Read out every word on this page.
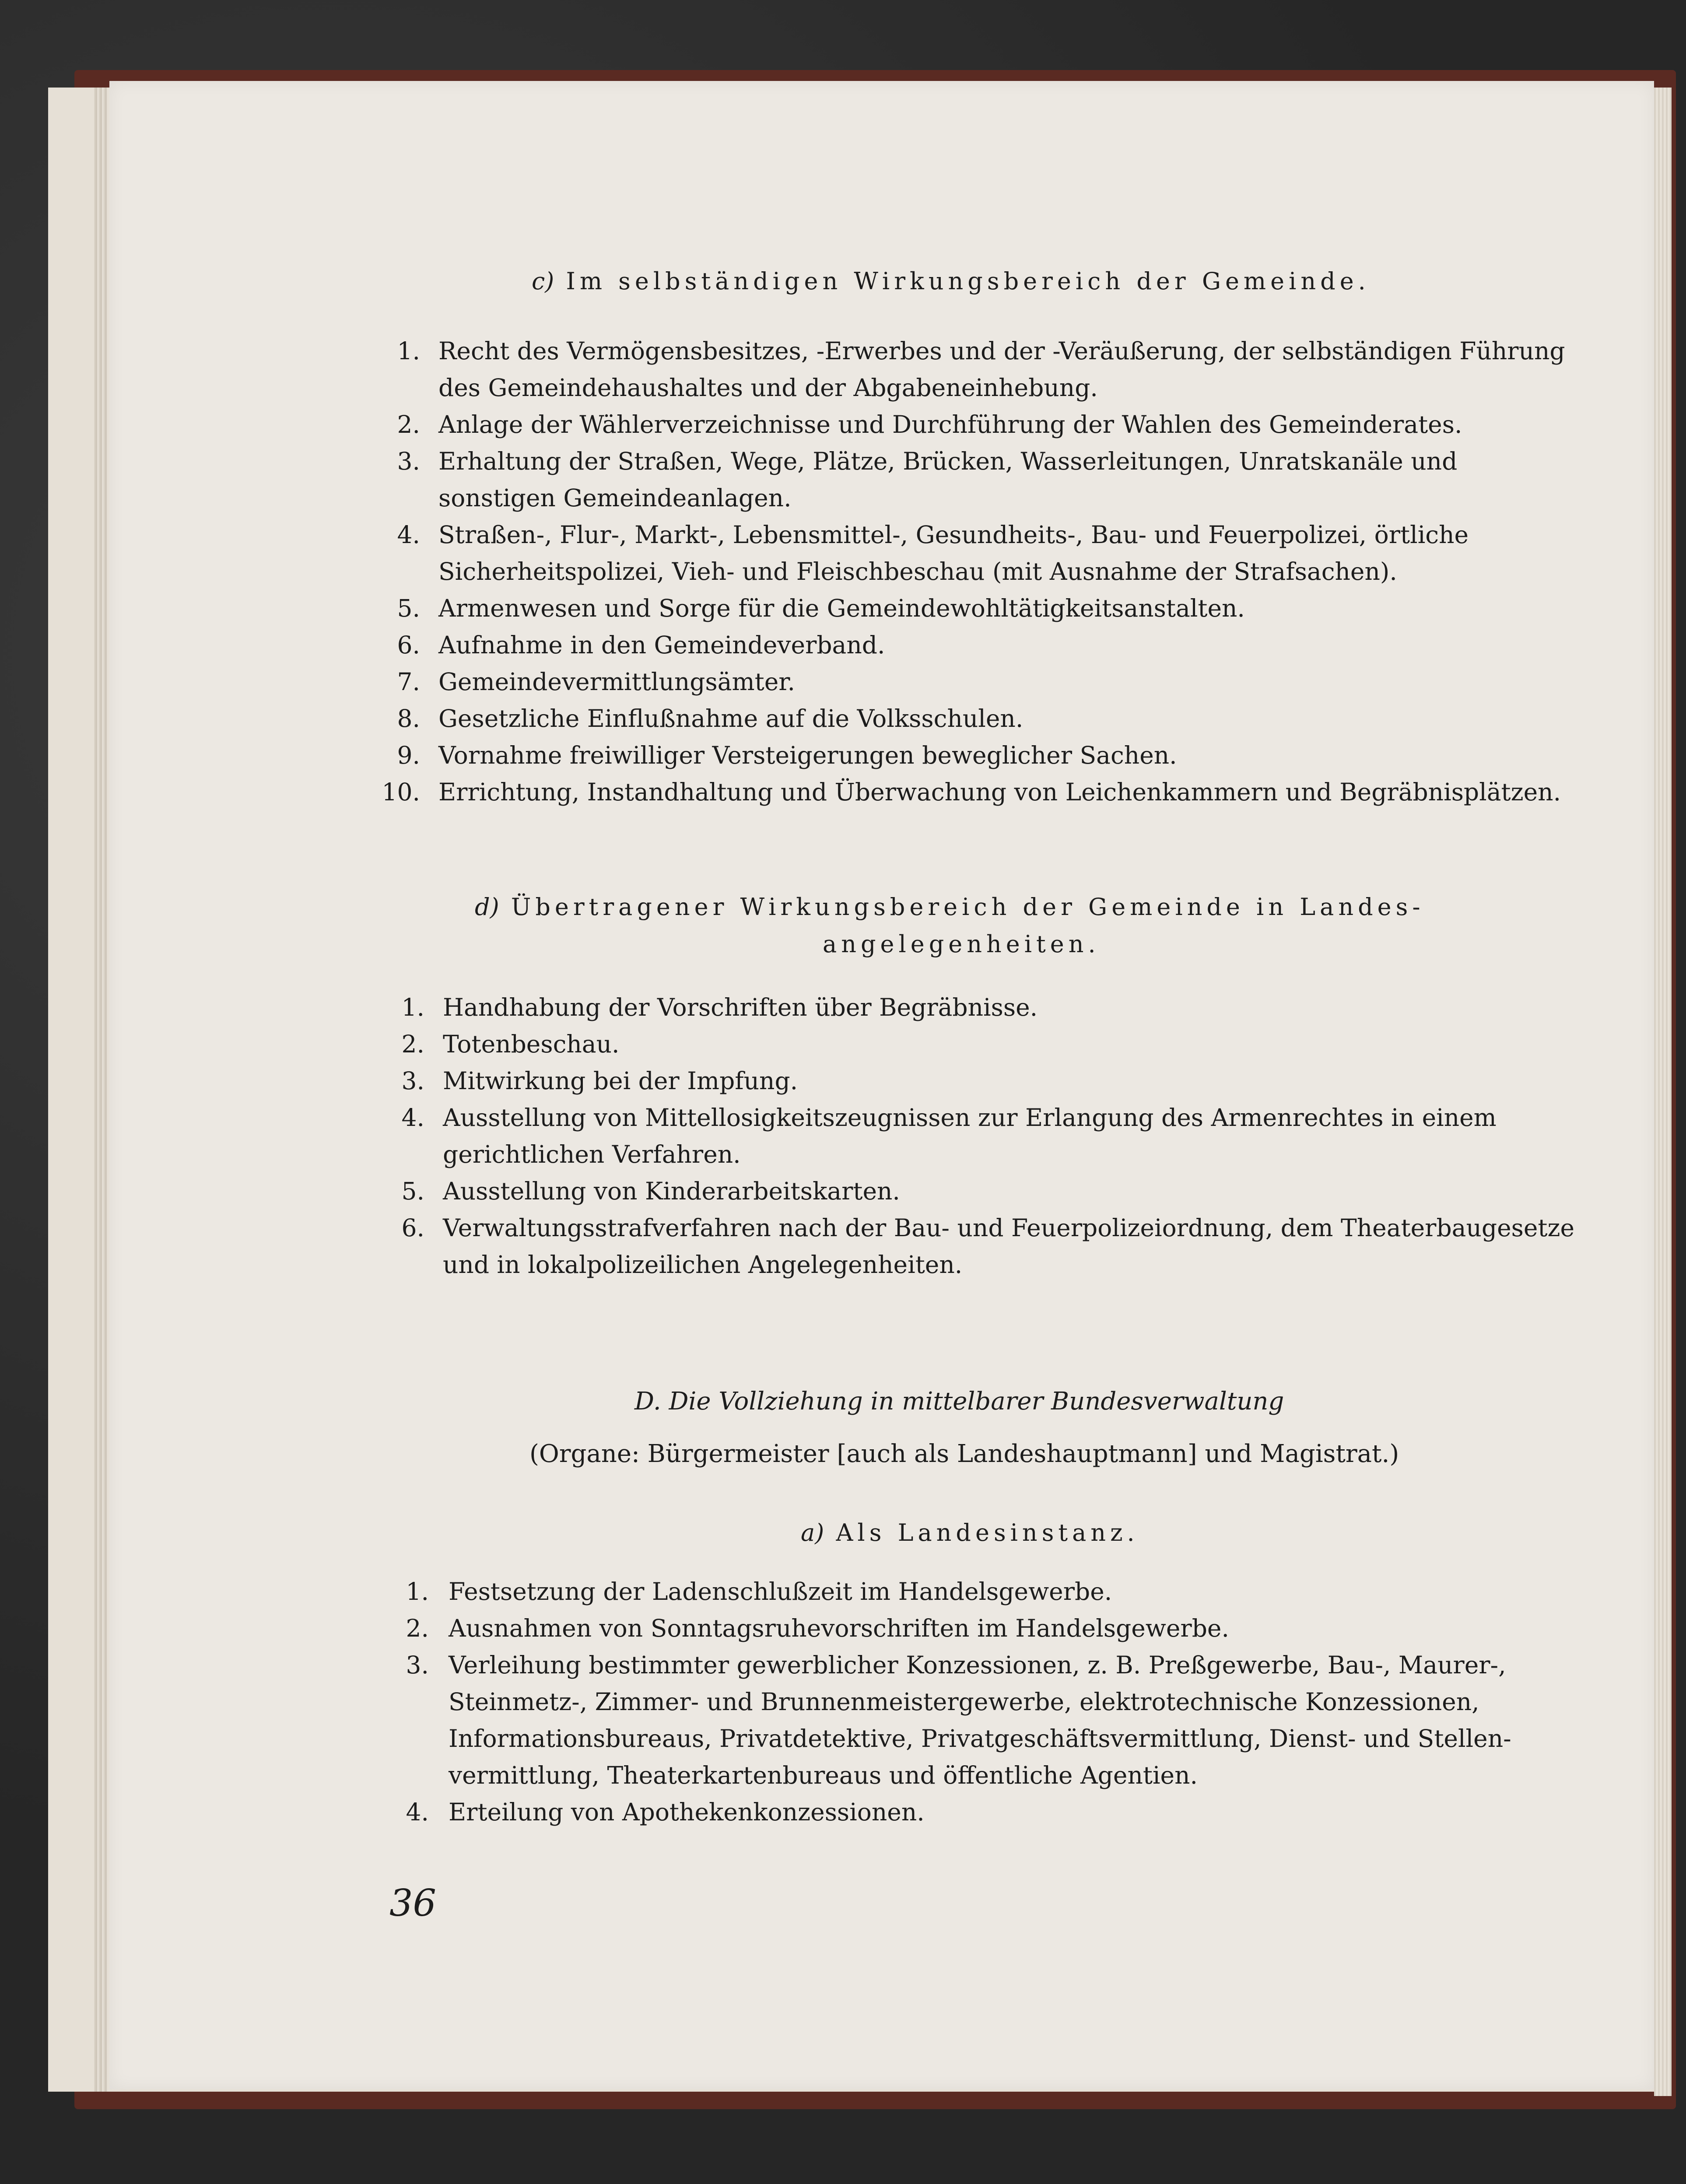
c) Im selbständigen Wirkungsbereich der Gemeinde.
1. Recht des Vermögensbesitzes, -Erwerbes und der -Veräußerung, der selbständigen Führung
des Gemeindehaushaltes und der Abgabeneinhebung.
2. Anlage der Wählerverzeichnisse und Durchführung der Wahlen des Gemeinderates.
3. Erhaltung der Straßen, Wege, Plätze, Brücken, Wasserleitungen, Unratskanäle und
sonstigen Gemeindeanlagen.
4. Straßen-, Flur-, Markt-, Lebensmittel-, Gesundheits-, Bau- und Feuerpolizei, örtliche
Sicherheitspolizei, Vieh- und Fleischbeschau (mit Ausnahme der Strafsachen).
5. Armenwesen und Sorge für die Gemeindewohltätigkeitsanstalten.
6. Aufnahme in den Gemeindeverband.
7. Gemeindevermittlungsämter.
8. Gesetzliche Einflußnahme auf die Volksschulen.
9. Vornahme freiwilliger Versteigerungen beweglicher Sachen.
10. Errichtung, Instandhaltung und Überwachung von Leichenkammern und Begräbnisplätzen.
d) Übertragener Wirkungsbereich der Gemeinde in Landes-
angelegenheiten.
1. Handhabung der Vorschriften über Begräbnisse.
2. Totenbeschau.
3. Mitwirkung bei der Impfung.
4. Ausstellung von Mittellosigkeitszeugnissen zur Erlangung des Armenrechtes in einem
gerichtlichen Verfahren.
5. Ausstellung von Kinderarbeitskarten.
6. Verwaltungsstrafverfahren nach der Bau- und Feuerpolizeiordnung, dem Theaterbaugesetze
und in lokalpolizeilichen Angelegenheiten.
D. Die Vollziehung in mittelbarer Bundesverwaltung
(Organe: Bürgermeister [auch als Landeshauptmann] und Magistrat.)
a) Als Landesinstanz.
1. Festsetzung der Ladenschlußzeit im Handelsgewerbe.
2. Ausnahmen von Sonntagsruhevorschriften im Handelsgewerbe.
3. Verleihung bestimmter gewerblicher Konzessionen, z. B. Preßgewerbe, Bau-, Maurer-,
Steinmetz-, Zimmer- und Brunnenmeistergewerbe, elektrotechnische Konzessionen,
Informationsbureaus, Privatdetektive, Privatgeschäftsvermittlung, Dienst- und Stellen-
vermittlung, Theaterkartenbureaus und öffentliche Agentien.
4. Erteilung von Apothekenkonzessionen.
36
